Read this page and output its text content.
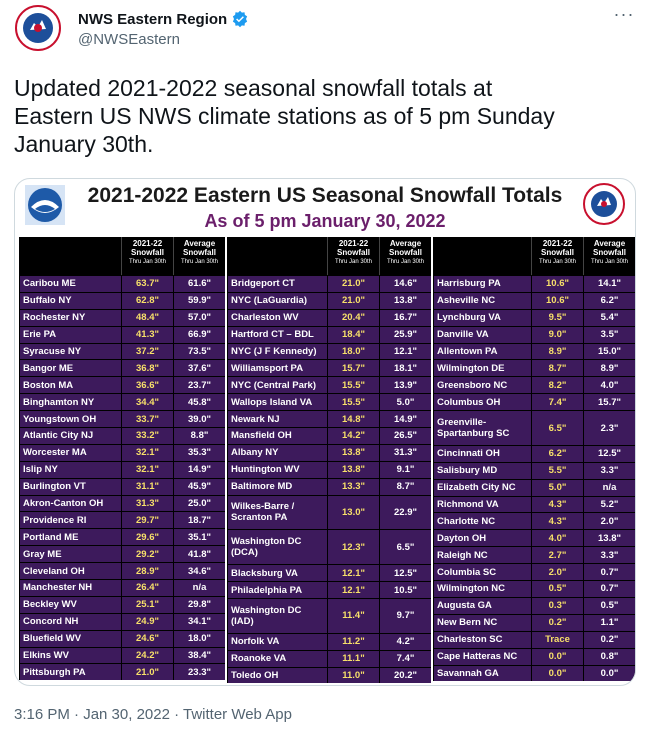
NWS Eastern Region
@NWSEastern
···
Updated 2021-2022 seasonal snowfall totals at
Eastern US NWS climate stations as of 5 pm Sunday
January 30th.
2021-2022 Eastern US Seasonal Snowfall Totals
As of 5 pm January 30, 2022
2021-22 Snowfall
Thru Jan 30th
Average Snowfall
Thru Jan 30th
Caribou ME	63.7"	61.6"
Buffalo NY	62.8"	59.9"
Rochester NY	48.4"	57.0"
Erie PA	41.3"	66.9"
Syracuse NY	37.2"	73.5"
Bangor ME	36.8"	37.6"
Boston MA	36.6"	23.7"
Binghamton NY	34.4"	45.8"
Youngstown OH	33.7"	39.0"
Atlantic City NJ	33.2"	8.8"
Worcester MA	32.1"	35.3"
Islip NY	32.1"	14.9"
Burlington VT	31.1"	45.9"
Akron-Canton OH	31.3"	25.0"
Providence RI	29.7"	18.7"
Portland ME	29.6"	35.1"
Gray ME	29.2"	41.8"
Cleveland OH	28.9"	34.6"
Manchester NH	26.4"	n/a
Beckley WV	25.1"	29.8"
Concord NH	24.9"	34.1"
Bluefield WV	24.6"	18.0"
Elkins WV	24.2"	38.4"
Pittsburgh PA	21.0"	23.3"
2021-22 Snowfall
Thru Jan 30th
Average Snowfall
Thru Jan 30th
Bridgeport CT	21.0"	14.6"
NYC (LaGuardia)	21.0"	13.8"
Charleston WV	20.4"	16.7"
Hartford CT – BDL	18.4"	25.9"
NYC (J F Kennedy)	18.0"	12.1"
Williamsport PA	15.7"	18.1"
NYC (Central Park)	15.5"	13.9"
Wallops Island VA	15.5"	5.0"
Newark NJ	14.8"	14.9"
Mansfield OH	14.2"	26.5"
Albany NY	13.8"	31.3"
Huntington WV	13.8"	9.1"
Baltimore MD	13.3"	8.7"
Wilkes-Barre /
Scranton PA	13.0"	22.9"
Washington DC
(DCA)	12.3"	6.5"
Blacksburg VA	12.1"	12.5"
Philadelphia PA	12.1"	10.5"
Washington DC
(IAD)	11.4"	9.7"
Norfolk VA	11.2"	4.2"
Roanoke VA	11.1"	7.4"
Toledo OH	11.0"	20.2"
2021-22 Snowfall
Thru Jan 30th
Average Snowfall
Thru Jan 30th
Harrisburg PA	10.6"	14.1"
Asheville NC	10.6"	6.2"
Lynchburg VA	9.5"	5.4"
Danville VA	9.0"	3.5"
Allentown PA	8.9"	15.0"
Wilmington DE	8.7"	8.9"
Greensboro NC	8.2"	4.0"
Columbus OH	7.4"	15.7"
Greenville-
Spartanburg SC	6.5"	2.3"
Cincinnati OH	6.2"	12.5"
Salisbury MD	5.5"	3.3"
Elizabeth City NC	5.0"	n/a
Richmond VA	4.3"	5.2"
Charlotte NC	4.3"	2.0"
Dayton OH	4.0"	13.8"
Raleigh NC	2.7"	3.3"
Columbia SC	2.0"	0.7"
Wilmington NC	0.5"	0.7"
Augusta GA	0.3"	0.5"
New Bern NC	0.2"	1.1"
Charleston SC	Trace	0.2"
Cape Hatteras NC	0.0"	0.8"
Savannah GA	0.0"	0.0"
3:16 PM · Jan 30, 2022 · Twitter Web App
